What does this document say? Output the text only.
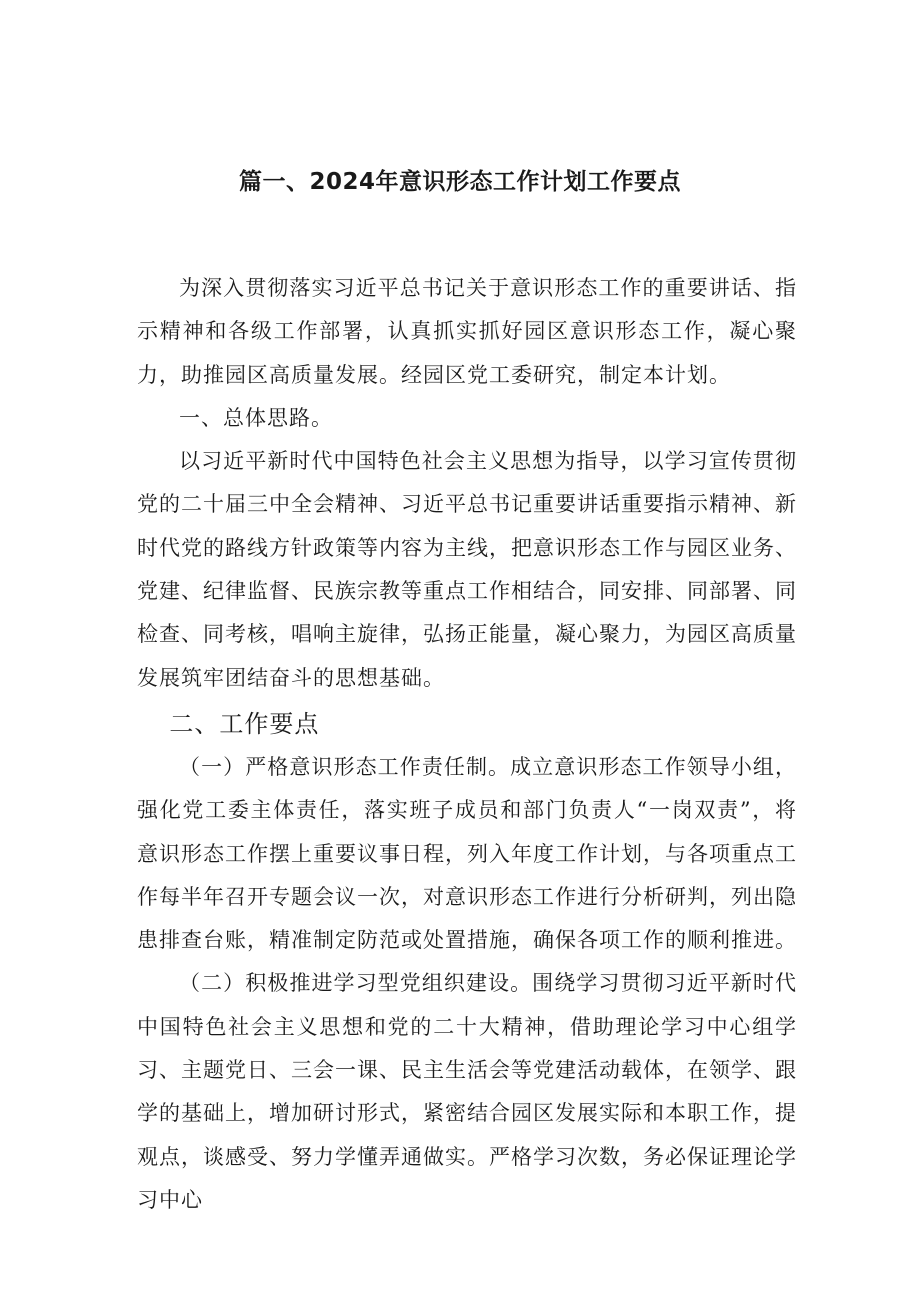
篇一、2024年意识形态工作计划工作要点

为深入贯彻落实习近平总书记关于意识形态工作的重要讲话、指示精神和各级工作部署，认真抓实抓好园区意识形态工作，凝心聚力，助推园区高质量发展。经园区党工委研究，制定本计划。

一、总体思路。

以习近平新时代中国特色社会主义思想为指导，以学习宣传贯彻党的二十届三中全会精神、习近平总书记重要讲话重要指示精神、新时代党的路线方针政策等内容为主线，把意识形态工作与园区业务、党建、纪律监督、民族宗教等重点工作相结合，同安排、同部署、同检查、同考核，唱响主旋律，弘扬正能量，凝心聚力，为园区高质量发展筑牢团结奋斗的思想基础。

二、工作要点

（一）严格意识形态工作责任制。成立意识形态工作领导小组，强化党工委主体责任，落实班子成员和部门负责人“一岗双责”，将意识形态工作摆上重要议事日程，列入年度工作计划，与各项重点工作每半年召开专题会议一次，对意识形态工作进行分析研判，列出隐患排查台账，精准制定防范或处置措施，确保各项工作的顺利推进。

（二）积极推进学习型党组织建设。围绕学习贯彻习近平新时代中国特色社会主义思想和党的二十大精神，借助理论学习中心组学习、主题党日、三会一课、民主生活会等党建活动载体，在领学、跟学的基础上，增加研讨形式，紧密结合园区发展实际和本职工作，提观点，谈感受、努力学懂弄通做实。严格学习次数，务必保证理论学习中心
